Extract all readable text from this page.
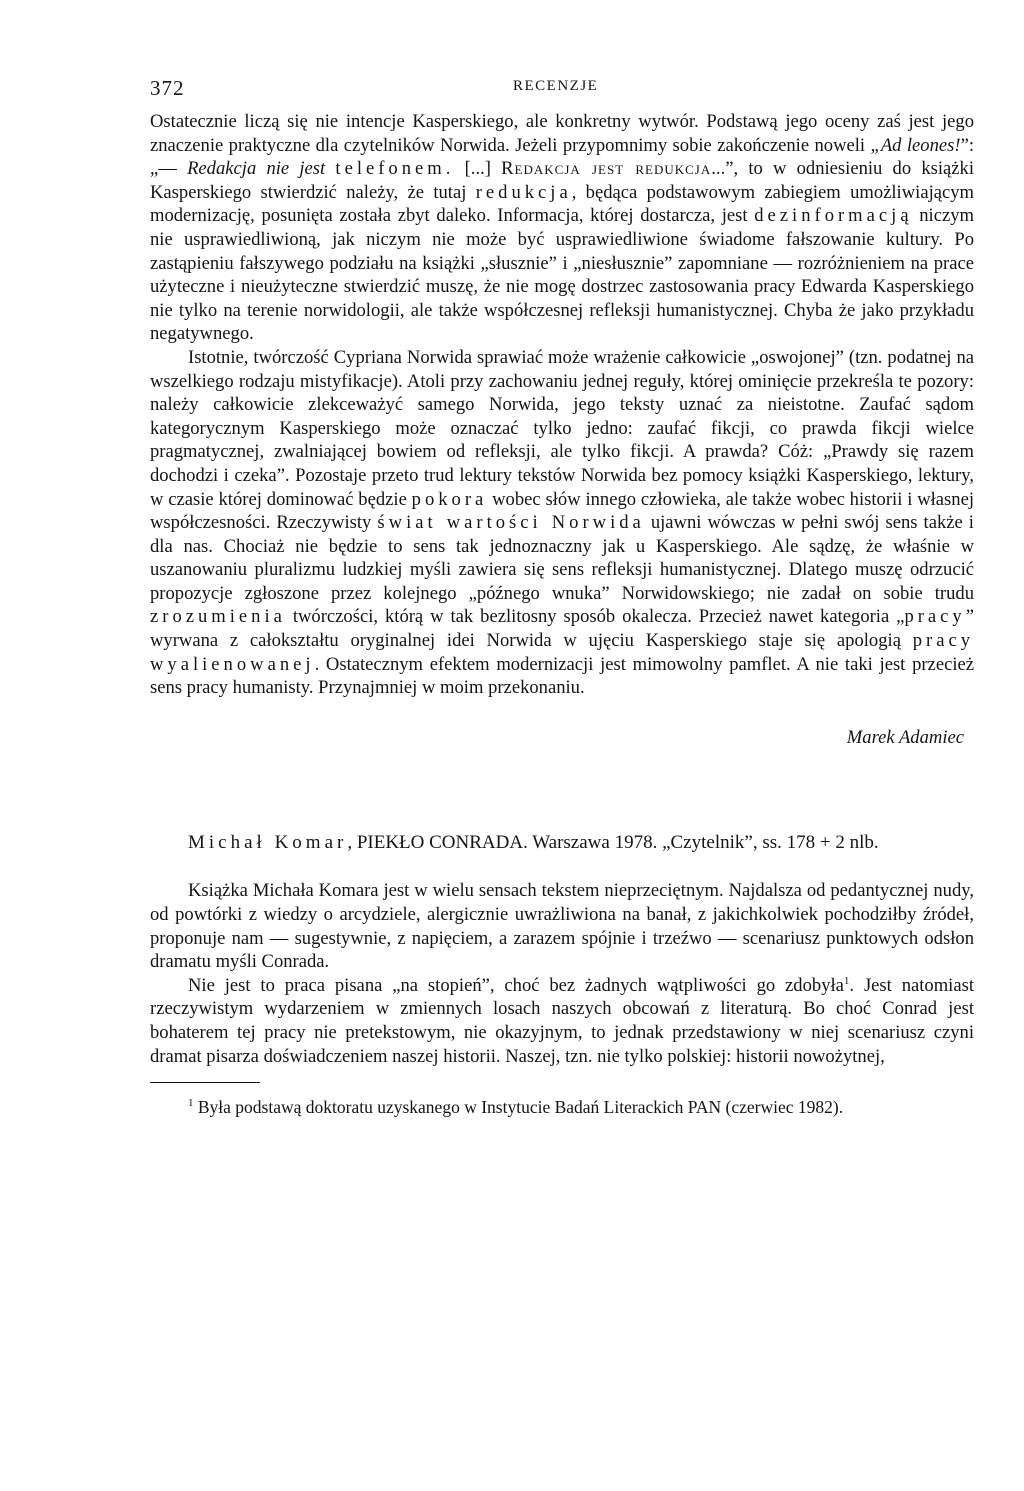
372	RECENZJE

Ostatecznie liczą się nie intencje Kasperskiego, ale konkretny wytwór. Podstawą jego oceny zaś jest jego znaczenie praktyczne dla czytelników Norwida. Jeżeli przypomnimy sobie zakończenie noweli „Ad leones!”: „— Redakcja nie jest telefonem. [...] Redakcja jest redukcja...”, to w odniesieniu do książki Kasperskiego stwierdzić należy, że tutaj redukcja, będąca podstawowym zabiegiem umożliwiającym modernizację, posunięta została zbyt daleko. Informacja, której dostarcza, jest dezinformacją niczym nie usprawiedliwioną, jak niczym nie może być usprawiedliwione świadome fałszowanie kultury. Po zastąpieniu fałszywego podziału na książki „słusznie” i „niesłusznie” zapomniane — rozróżnieniem na prace użyteczne i nieużyteczne stwierdzić muszę, że nie mogę dostrzec zastosowania pracy Edwarda Kasperskiego nie tylko na terenie norwidologii, ale także współczesnej refleksji humanistycznej. Chyba że jako przykładu negatywnego.

Istotnie, twórczość Cypriana Norwida sprawiać może wrażenie całkowicie „oswojonej” (tzn. podatnej na wszelkiego rodzaju mistyfikacje). Atoli przy zachowaniu jednej reguły, której ominięcie przekreśla te pozory: należy całkowicie zlekceważyć samego Norwida, jego teksty uznać za nieistotne. Zaufać sądom kategorycznym Kasperskiego może oznaczać tylko jedno: zaufać fikcji, co prawda fikcji wielce pragmatycznej, zwalniającej bowiem od refleksji, ale tylko fikcji. A prawda? Cóż: „Prawdy się razem dochodzi i czeka”. Pozostaje przeto trud lektury tekstów Norwida bez pomocy książki Kasperskiego, lektury, w czasie której dominować będzie pokora wobec słów innego człowieka, ale także wobec historii i własnej współczesności. Rzeczywisty świat wartości Norwida ujawni wówczas w pełni swój sens także i dla nas. Chociaż nie będzie to sens tak jednoznaczny jak u Kasperskiego. Ale sądzę, że właśnie w uszanowaniu pluralizmu ludzkiej myśli zawiera się sens refleksji humanistycznej. Dlatego muszę odrzucić propozycje zgłoszone przez kolejnego „późnego wnuka” Norwidowskiego; nie zadał on sobie trudu zrozumienia twórczości, którą w tak bezlitosny sposób okalecza. Przecież nawet kategoria „pracy” wyrwana z całokształtu oryginalnej idei Norwida w ujęciu Kasperskiego staje się apologią pracy wyalienowanej. Ostatecznym efektem modernizacji jest mimowolny pamflet. A nie taki jest przecież sens pracy humanisty. Przynajmniej w moim przekonaniu.

Marek Adamiec
Michał Komar, PIEKŁO CONRADA. Warszawa 1978. „Czytelnik”, ss. 178 + 2 nlb.

Książka Michała Komara jest w wielu sensach tekstem nieprzeciętnym. Najdalsza od pedantycznej nudy, od powtórki z wiedzy o arcydziele, alergicznie uwrażliwiona na banał, z jakichkolwiek pochodziłby źródeł, proponuje nam — sugestywnie, z napięciem, a zarazem spójnie i trzeźwo — scenariusz punktowych odsłon dramatu myśli Conrada.

Nie jest to praca pisana „na stopień”, choć bez żadnych wątpliwości go zdobyła$^1$. Jest natomiast rzeczywistym wydarzeniem w zmiennych losach naszych obcowań z literaturą. Bo choć Conrad jest bohaterem tej pracy nie pretekstowym, nie okazyjnym, to jednak przedstawiony w niej scenariusz czyni dramat pisarza doświadczeniem naszej historii. Naszej, tzn. nie tylko polskiej: historii nowożytnej,

$^1$ Była podstawą doktoratu uzyskanego w Instytucie Badań Literackich PAN (czerwiec 1982).
